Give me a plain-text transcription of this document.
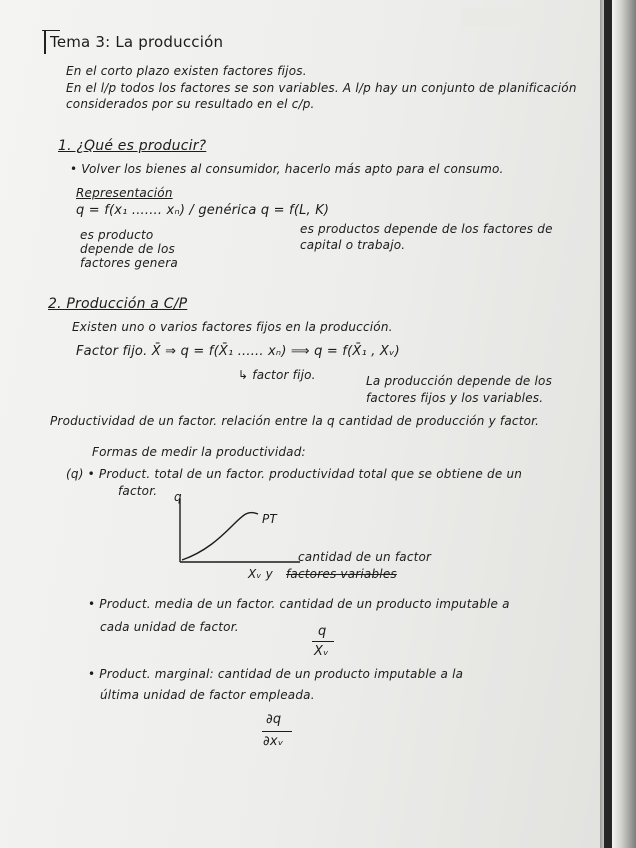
Tema 3: La producción
En el corto plazo existen factores fijos.
En el l/p todos los factores se son variables. A l/p hay un conjunto de planificación
considerados por su resultado en el c/p.
1. ¿Qué es producir?
• Volver los bienes al consumidor, hacerlo más apto para el consumo.
Representación
q = f(x₁ ....... xₙ) / genérica q = f(L, K)
es producto
depende de los
factores genera
es productos depende de los factores de
capital o trabajo.
2. Producción a C/P
Existen uno o varios factores fijos en la producción.
Factor fijo. X̄ ⇒ q = f(X̄₁ ...... xₙ) ⟹ q = f(X̄₁ , Xᵥ)
↳ factor fijo.	La producción depende de los
factores fijos y los variables.
Productividad de un factor. relación entre la q cantidad de producción y factor.
Formas de medir la productividad:
(q) • Product. total de un factor. productividad total que se obtiene de un
factor. q
PT
cantidad de un factor
Xᵥ y factores variables
• Product. media de un factor. cantidad de un producto imputable a
cada unidad de factor.	q
Xᵥ
• Product. marginal: cantidad de un producto imputable a la
última unidad de factor empleada.
∂q
∂xᵥ
